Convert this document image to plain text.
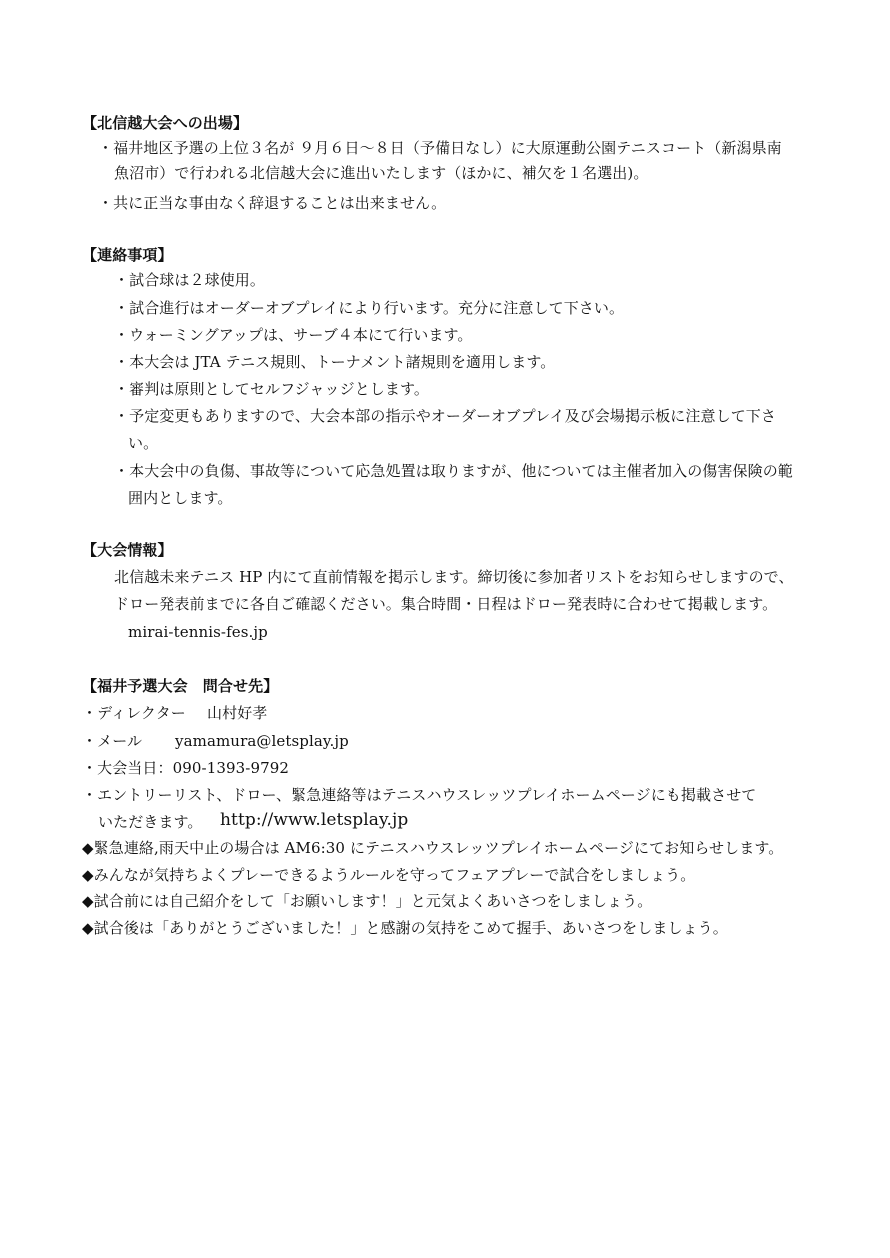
【北信越大会への出場】
・福井地区予選の上位３名が ９月６日～８日（予備日なし）に大原運動公園テニスコート（新潟県南
魚沼市）で行われる北信越大会に進出いたします（ほかに、補欠を１名選出)。
・共に正当な事由なく辞退することは出来ません。
【連絡事項】
・試合球は２球使用。
・試合進行はオーダーオブプレイにより行います。充分に注意して下さい。
・ウォーミングアップは、サーブ４本にて行います。
・本大会は JTA テニス規則、トーナメント諸規則を適用します。
・審判は原則としてセルフジャッジとします。
・予定変更もありますので、大会本部の指示やオーダーオブプレイ及び会場掲示板に注意して下さ
い。
・本大会中の負傷、事故等について応急処置は取りますが、他については主催者加入の傷害保険の範
囲内とします。
【大会情報】
北信越未来テニス HP 内にて直前情報を掲示します。締切後に参加者リストをお知らせしますので、
ドロー発表前までに各自ご確認ください。集合時間・日程はドロー発表時に合わせて掲載します。
mirai-tennis-fes.jp
【福井予選大会　問合せ先】
・ディレクター 山村好孝
・メール yamamura@letsplay.jp
・大会当日：090-1393-9792
・エントリーリスト、ドロー、緊急連絡等はテニスハウスレッツプレイホームページにも掲載させて
いただきます。 http://www.letsplay.jp
◆緊急連絡,雨天中止の場合は AM6:30 にテニスハウスレッツプレイホームページにてお知らせします。
◆みんなが気持ちよくプレーできるようルールを守ってフェアプレーで試合をしましょう。
◆試合前には自己紹介をして「お願いします！」と元気よくあいさつをしましょう。
◆試合後は「ありがとうございました！」と感謝の気持をこめて握手、あいさつをしましょう。
